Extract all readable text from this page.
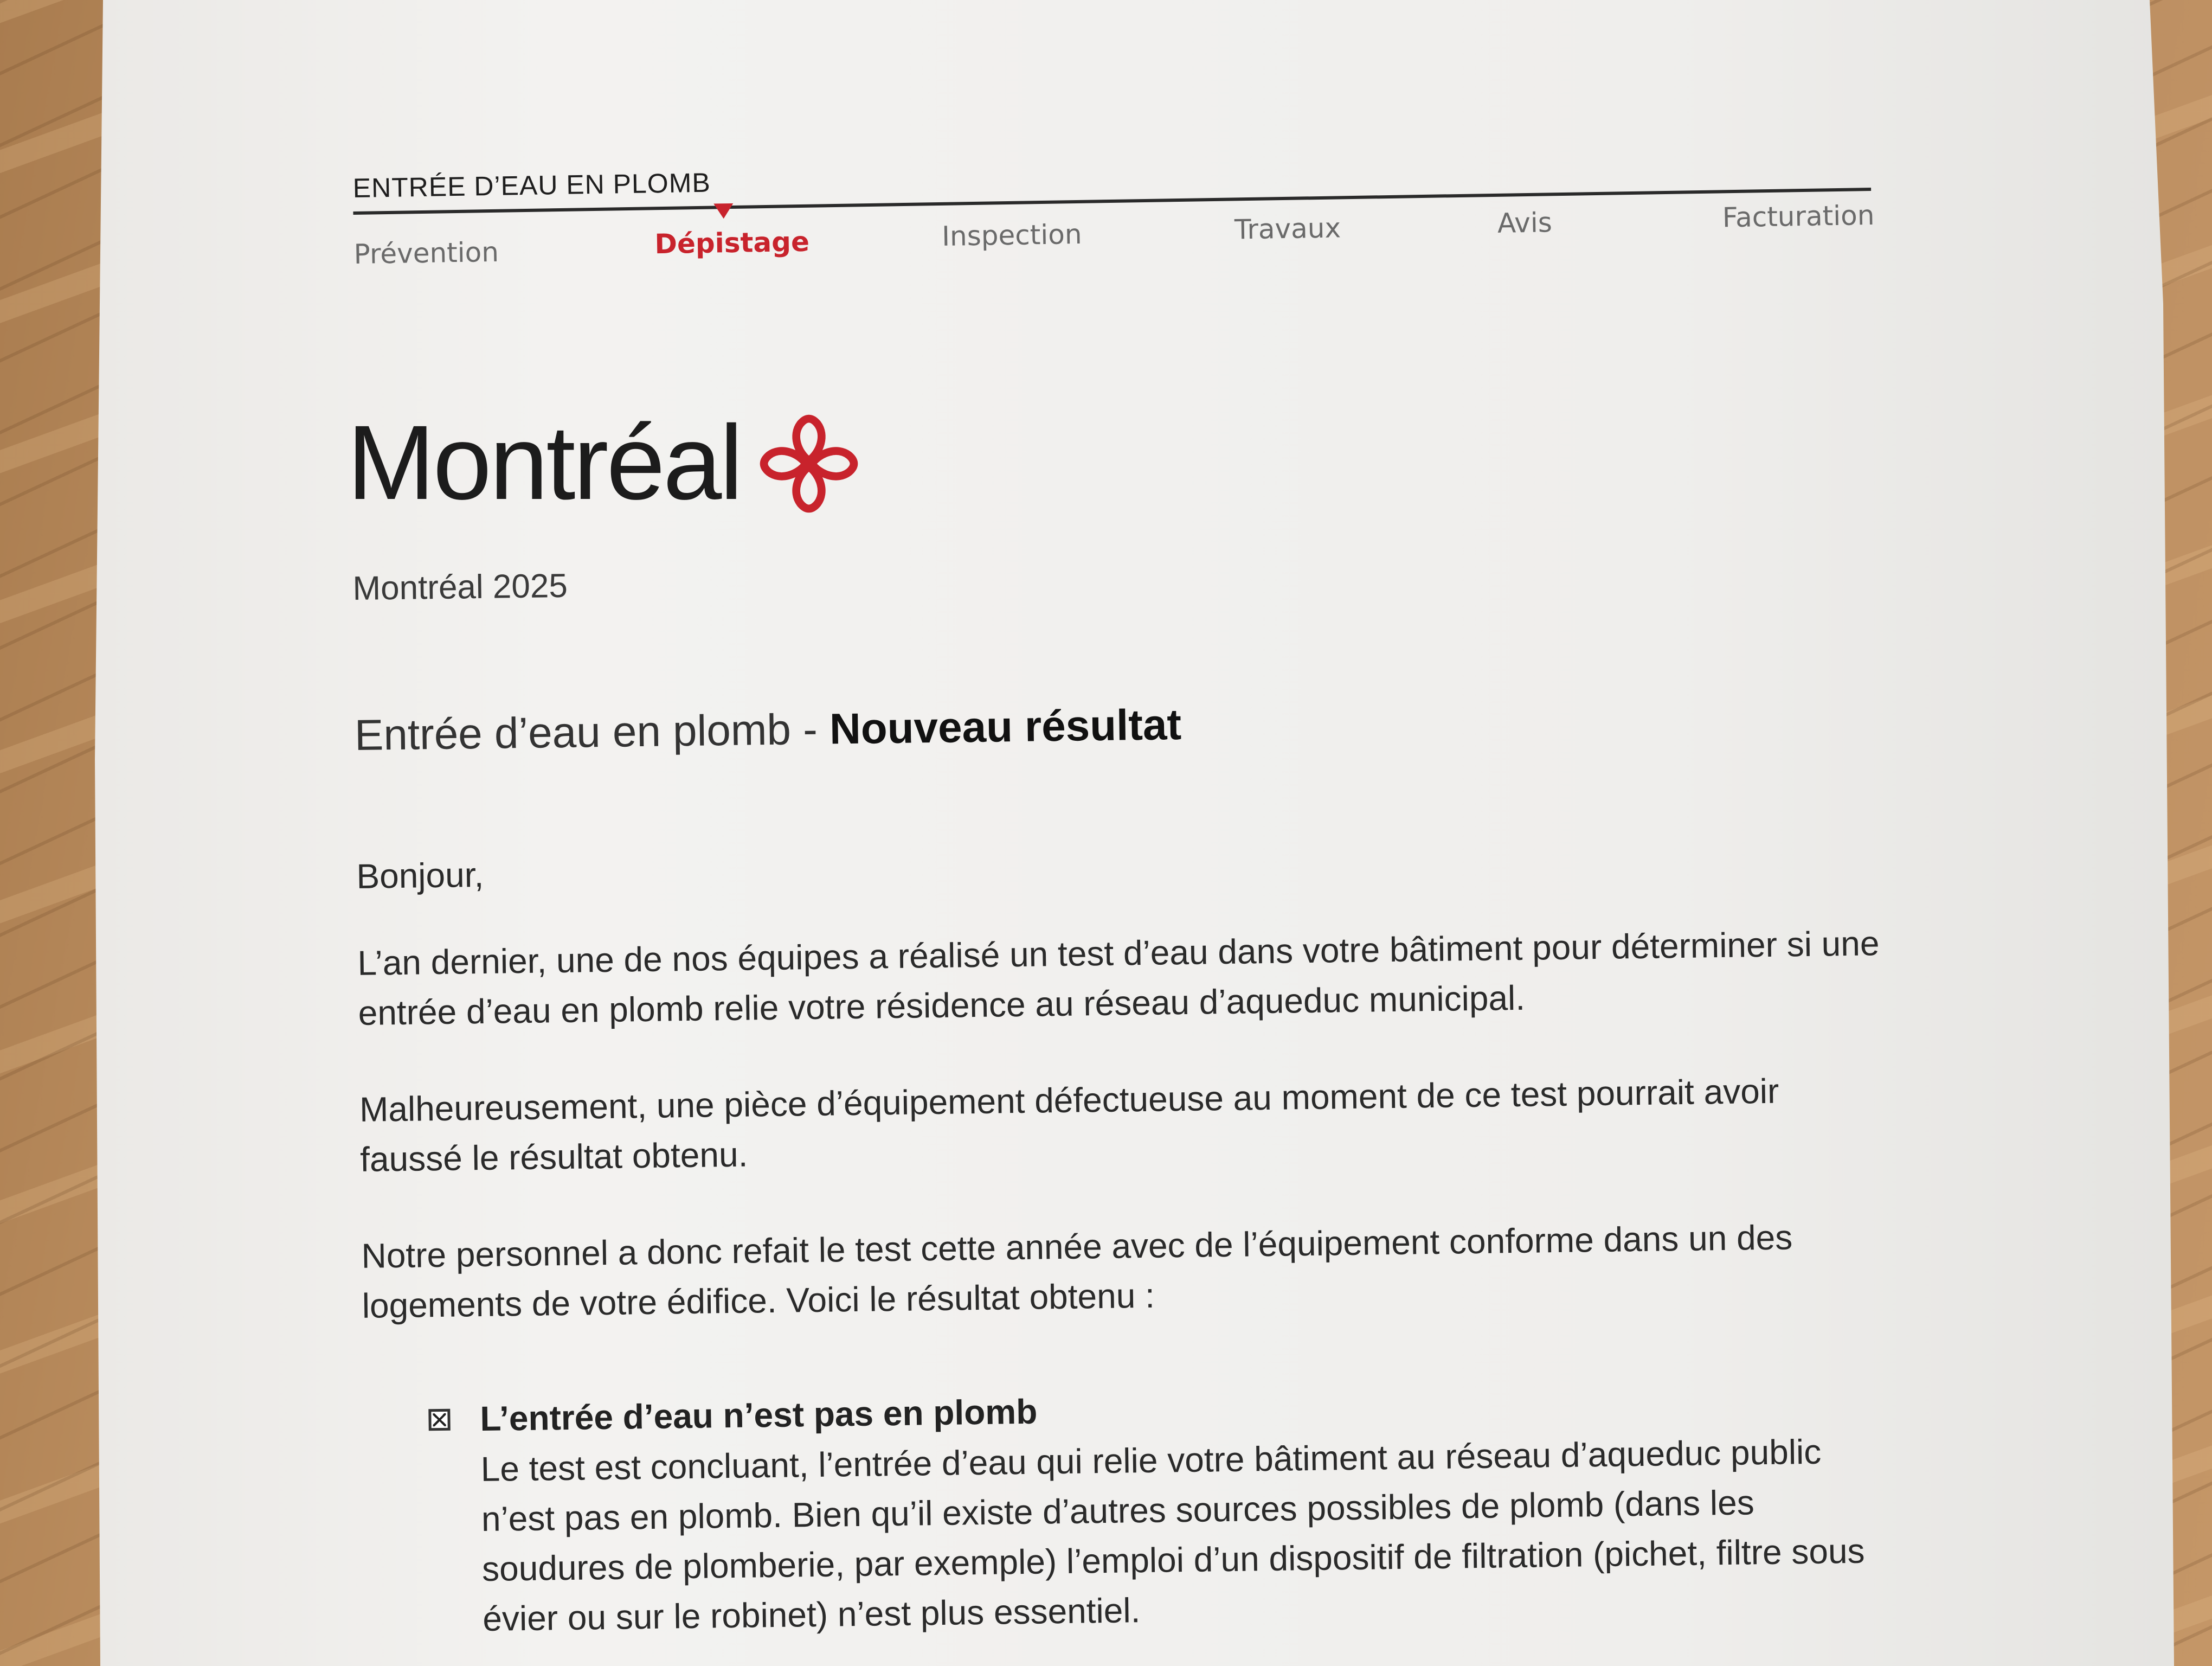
ENTRÉE D’EAU EN PLOMB
Prévention	Dépistage	Inspection	Travaux	Avis	Facturation
Montréal

Montréal 2025

Entrée d’eau en plomb - Nouveau résultat
Bonjour,
L’an dernier, une de nos équipes a réalisé un test d’eau dans votre bâtiment pour déterminer si une entrée d’eau en plomb relie votre résidence au réseau d’aqueduc municipal.
Malheureusement, une pièce d’équipement défectueuse au moment de ce test pourrait avoir faussé le résultat obtenu.
Notre personnel a donc refait le test cette année avec de l’équipement conforme dans un des logements de votre édifice. Voici le résultat obtenu :
L’entrée d’eau n’est pas en plomb
Le test est concluant, l’entrée d’eau qui relie votre bâtiment au réseau d’aqueduc public n’est pas en plomb. Bien qu’il existe d’autres sources possibles de plomb (dans les soudures de plomberie, par exemple) l’emploi d’un dispositif de filtration (pichet, filtre sous évier ou sur le robinet) n’est plus essentiel.
